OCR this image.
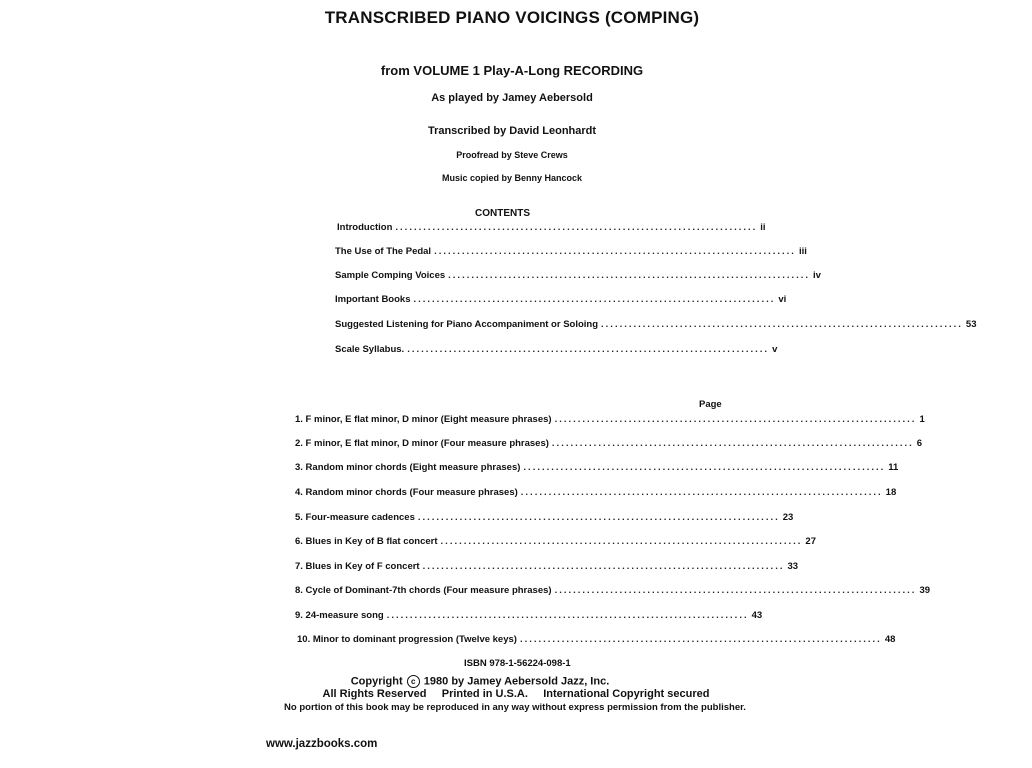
TRANSCRIBED PIANO VOICINGS (COMPING)
from VOLUME 1 Play-A-Long RECORDING
As played by Jamey Aebersold
Transcribed by David Leonhardt
Proofread by Steve Crews
Music copied by Benny Hancock
CONTENTS
Introduction .............................................................................. ii
The Use of The Pedal .............................................................................. iii
Sample Comping Voices .............................................................................. iv
Important Books .............................................................................. vi
Suggested Listening for Piano Accompaniment or Soloing .............................................................................. 53
Scale Syllabus. .............................................................................. v
Page
1. F minor, E flat minor, D minor (Eight measure phrases) .............................................................................. 1
2. F minor, E flat minor, D minor (Four measure phrases) .............................................................................. 6
3. Random minor chords (Eight measure phrases) .............................................................................. 11
4. Random minor chords (Four measure phrases) .............................................................................. 18
5. Four-measure cadences .............................................................................. 23
6. Blues in Key of B flat concert .............................................................................. 27
7. Blues in Key of F concert .............................................................................. 33
8. Cycle of Dominant-7th chords (Four measure phrases) .............................................................................. 39
9. 24-measure song .............................................................................. 43
10. Minor to dominant progression (Twelve keys) .............................................................................. 48
ISBN 978-1-56224-098-1
Copyright c 1980 by Jamey Aebersold Jazz, Inc.
All Rights Reserved     Printed in U.S.A.     International Copyright secured
No portion of this book may be reproduced in any way without express permission from the publisher.
www.jazzbooks.com
